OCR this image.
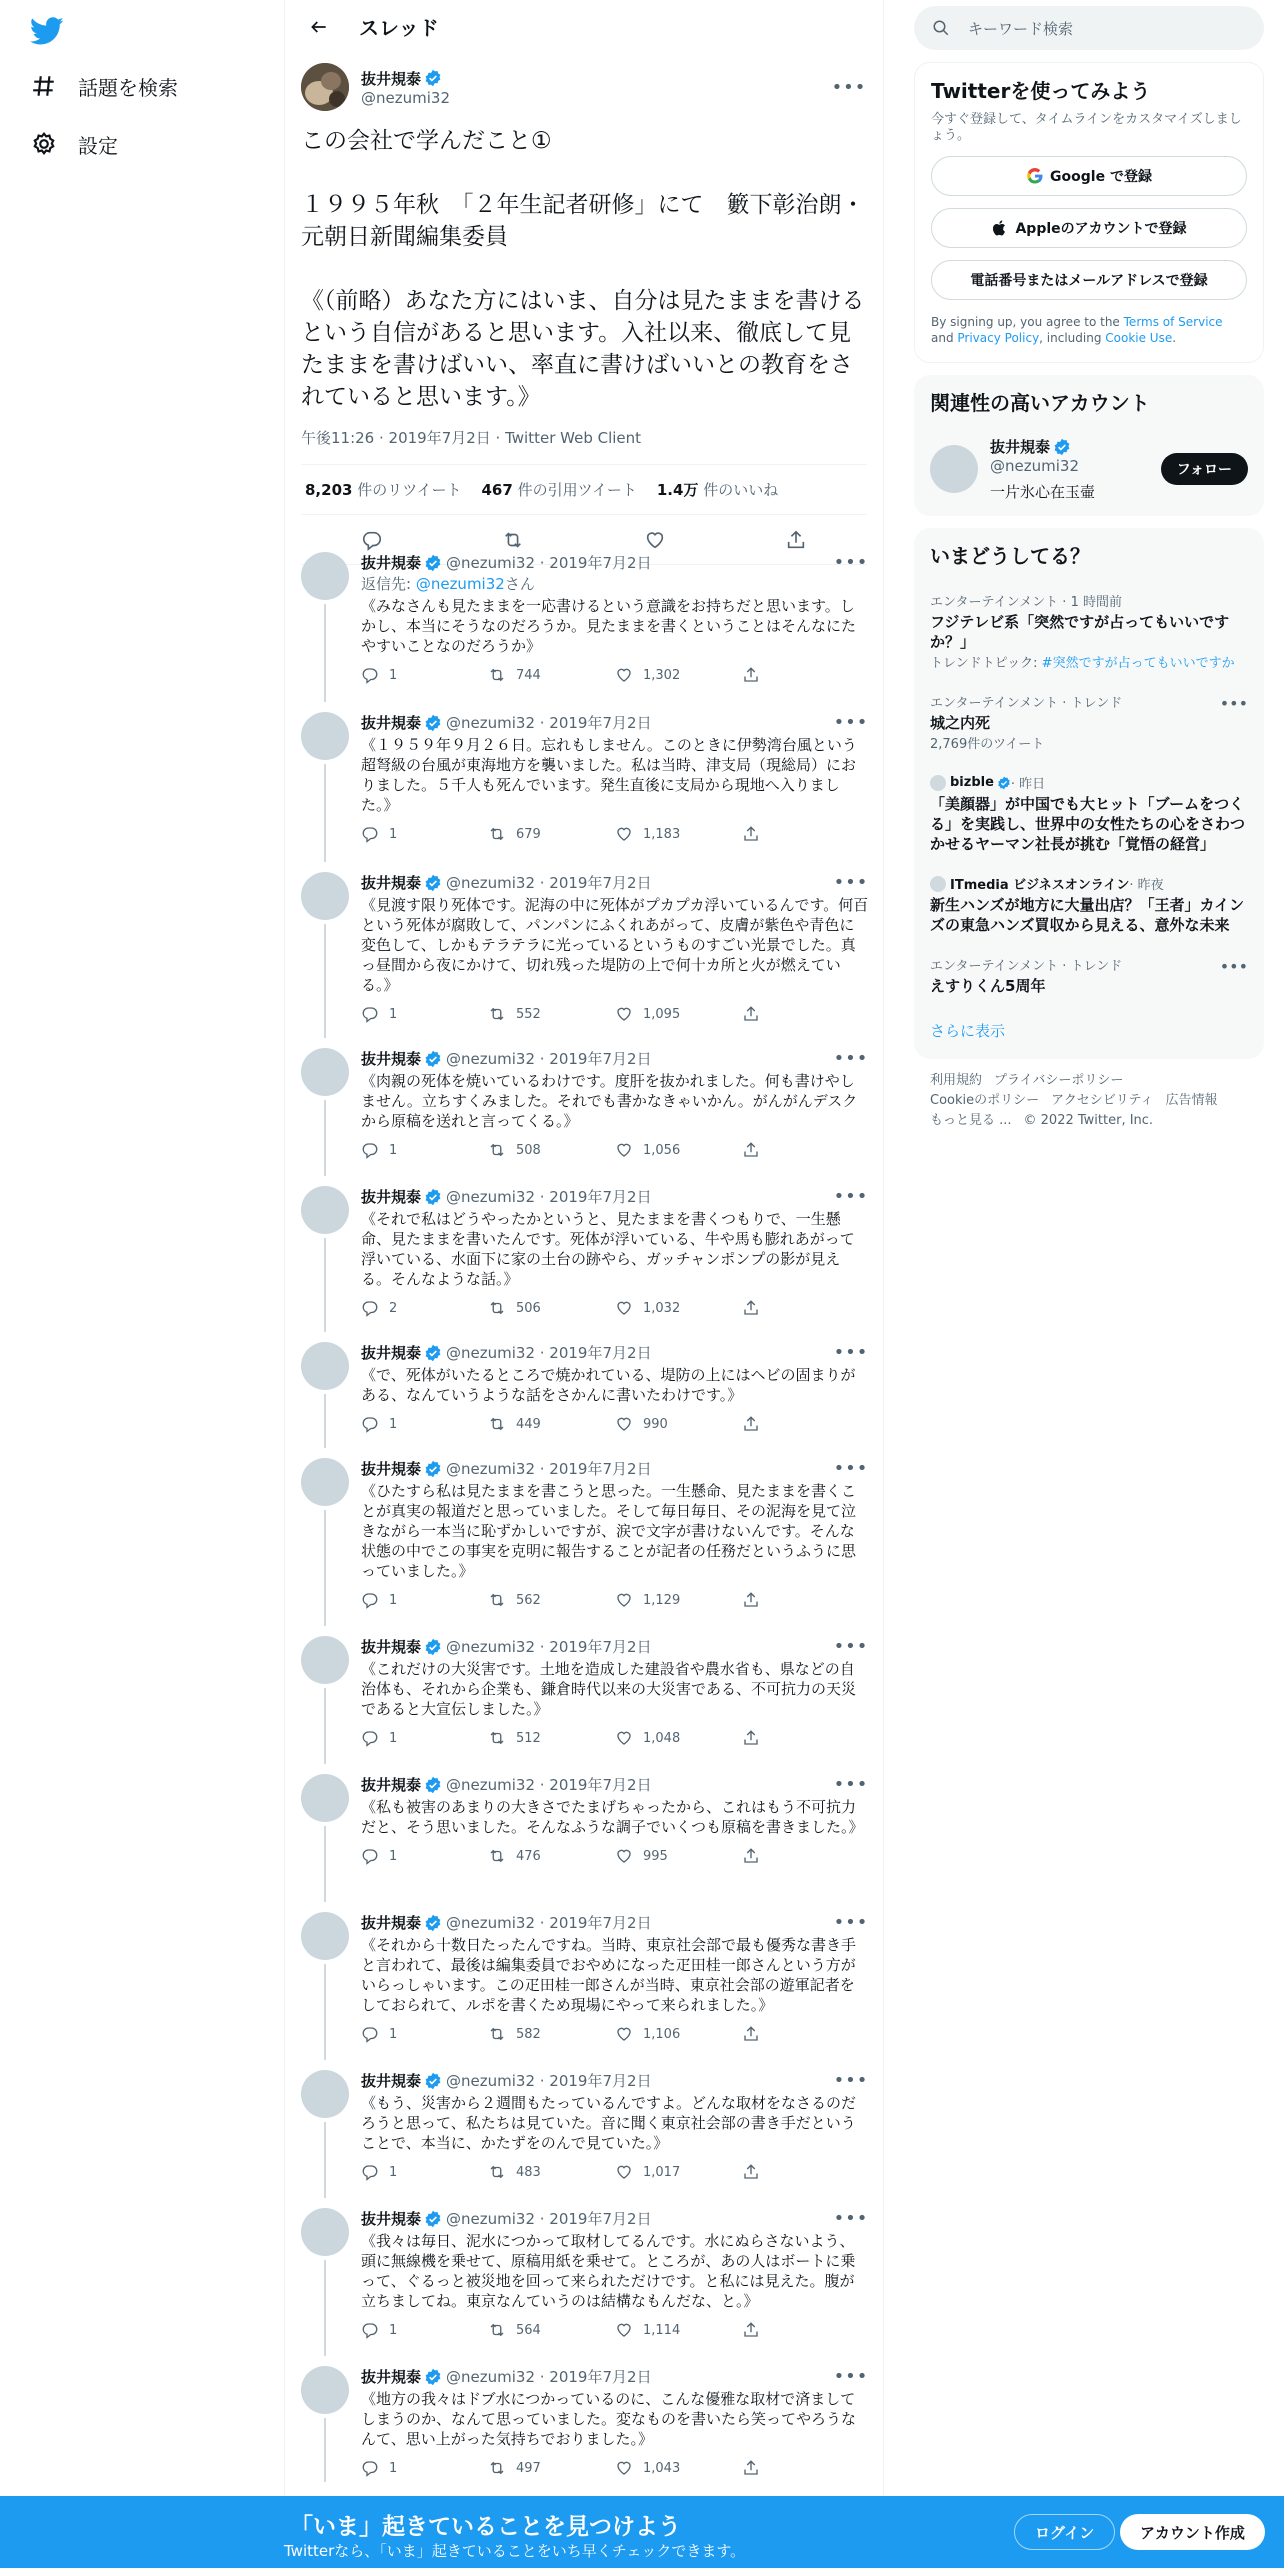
話題を検索
設定
スレッド
抜井規泰
@nezumi32	•••
この会社で学んだこと①

１９９５年秋　「２年生記者研修」にて　籔下彰治朗・元朝日新聞編集委員

《（前略）あなた方にはいま、自分は見たままを書けるという自信があると思います。入社以来、徹底して見たままを書けばいい、率直に書けばいいとの教育をされていると思います。》
午後11:26 · 2019年7月2日 · Twitter Web Client
8,203 件のリツイート 467 件の引用ツイート 1.4万 件のいいね
抜井規泰 @nezumi32 · 2019年7月2日	•••
返信先: @nezumi32さん
《みなさんも見たままを一応書けるという意識をお持ちだと思います。しかし、本当にそうなのだろうか。見たままを書くということはそんなにたやすいことなのだろうか》
1	744	1,302
抜井規泰 @nezumi32 · 2019年7月2日	•••
《１９５９年９月２６日。忘れもしません。このときに伊勢湾台風という超弩級の台風が東海地方を襲いました。私は当時、津支局（現総局）におりました。５千人も死んでいます。発生直後に支局から現地へ入りました。》
1	679	1,183
抜井規泰 @nezumi32 · 2019年7月2日	•••
《見渡す限り死体です。泥海の中に死体がプカプカ浮いているんです。何百という死体が腐敗して、パンパンにふくれあがって、皮膚が紫色や青色に変色して、しかもテラテラに光っているというものすごい光景でした。真っ昼間から夜にかけて、切れ残った堤防の上で何十カ所と火が燃えている。》
1	552	1,095
抜井規泰 @nezumi32 · 2019年7月2日	•••
《肉親の死体を焼いているわけです。度肝を抜かれました。何も書けやしません。立ちすくみました。それでも書かなきゃいかん。がんがんデスクから原稿を送れと言ってくる。》
1	508	1,056
抜井規泰 @nezumi32 · 2019年7月2日	•••
《それで私はどうやったかというと、見たままを書くつもりで、一生懸命、見たままを書いたんです。死体が浮いている、牛や馬も膨れあがって浮いている、水面下に家の土台の跡やら、ガッチャンポンプの影が見える。そんなような話。》
2	506	1,032
抜井規泰 @nezumi32 · 2019年7月2日	•••
《で、死体がいたるところで焼かれている、堤防の上にはヘビの固まりがある、なんていうような話をさかんに書いたわけです。》
1	449	990
抜井規泰 @nezumi32 · 2019年7月2日	•••
《ひたすら私は見たままを書こうと思った。一生懸命、見たままを書くことが真実の報道だと思っていました。そして毎日毎日、その泥海を見て泣きながら一本当に恥ずかしいですが、涙で文字が書けないんです。そんな状態の中でこの事実を克明に報告することが記者の任務だというふうに思っていました。》
1	562	1,129
抜井規泰 @nezumi32 · 2019年7月2日	•••
《これだけの大災害です。土地を造成した建設省や農水省も、県などの自治体も、それから企業も、鎌倉時代以来の大災害である、不可抗力の天災であると大宣伝しました。》
1	512	1,048
抜井規泰 @nezumi32 · 2019年7月2日	•••
《私も被害のあまりの大きさでたまげちゃったから、これはもう不可抗力だと、そう思いました。そんなふうな調子でいくつも原稿を書きました。》
1	476	995
抜井規泰 @nezumi32 · 2019年7月2日	•••
《それから十数日たったんですね。当時、東京社会部で最も優秀な書き手と言われて、最後は編集委員でおやめになった疋田桂一郎さんという方がいらっしゃいます。この疋田桂一郎さんが当時、東京社会部の遊軍記者をしておられて、ルポを書くため現場にやって来られました。》
1	582	1,106
抜井規泰 @nezumi32 · 2019年7月2日	•••
《もう、災害から２週間もたっているんですよ。どんな取材をなさるのだろうと思って、私たちは見ていた。音に聞く東京社会部の書き手だということで、本当に、かたずをのんで見ていた。》
1	483	1,017
抜井規泰 @nezumi32 · 2019年7月2日	•••
《我々は毎日、泥水につかって取材してるんです。水にぬらさないよう、頭に無線機を乗せて、原稿用紙を乗せて。ところが、あの人はボートに乗って、ぐるっと被災地を回って来られただけです。と私には見えた。腹が立ちましてね。東京なんていうのは結構なもんだな、と。》
1	564	1,114
抜井規泰 @nezumi32 · 2019年7月2日	•••
《地方の我々はドブ水につかっているのに、こんな優雅な取材で済ましてしまうのか、なんて思っていました。変なものを書いたら笑ってやろうなんて、思い上がった気持ちでおりました。》
1	497	1,043
キーワード検索
Twitterを使ってみよう
今すぐ登録して、タイムラインをカスタマイズしましょう。
Google で登録
Appleのアカウントで登録
電話番号またはメールアドレスで登録
By signing up, you agree to the Terms of Service and Privacy Policy, including Cookie Use.
関連性の高いアカウント
抜井規泰
@nezumi32
一片氷心在玉壷
フォロー
いまどうしてる？
エンターテインメント · 1 時間前
フジテレビ系「突然ですが占ってもいいですか？」
トレンドトピック: #突然ですが占ってもいいですか
エンターテインメント · トレンド
城之内死
2,769件のツイート
•••
bizble · 昨日
「美顔器」が中国でも大ヒット「ブームをつくる」を実践し、世界中の女性たちの心をさわつかせるヤーマン社長が挑む「覚悟の経営」
ITmedia ビジネスオンライン · 昨夜
新生ハンズが地方に大量出店？「王者」カインズの東急ハンズ買収から見える、意外な未来
エンターテインメント · トレンド
えすりくん5周年
•••
さらに表示
利用規約 プライバシーポリシー
Cookieのポリシー アクセシビリティ 広告情報
もっと見る ... © 2022 Twitter, Inc.
「いま」起きていることを見つけよう
Twitterなら、「いま」起きていることをいち早くチェックできます。
ログイン	アカウント作成
